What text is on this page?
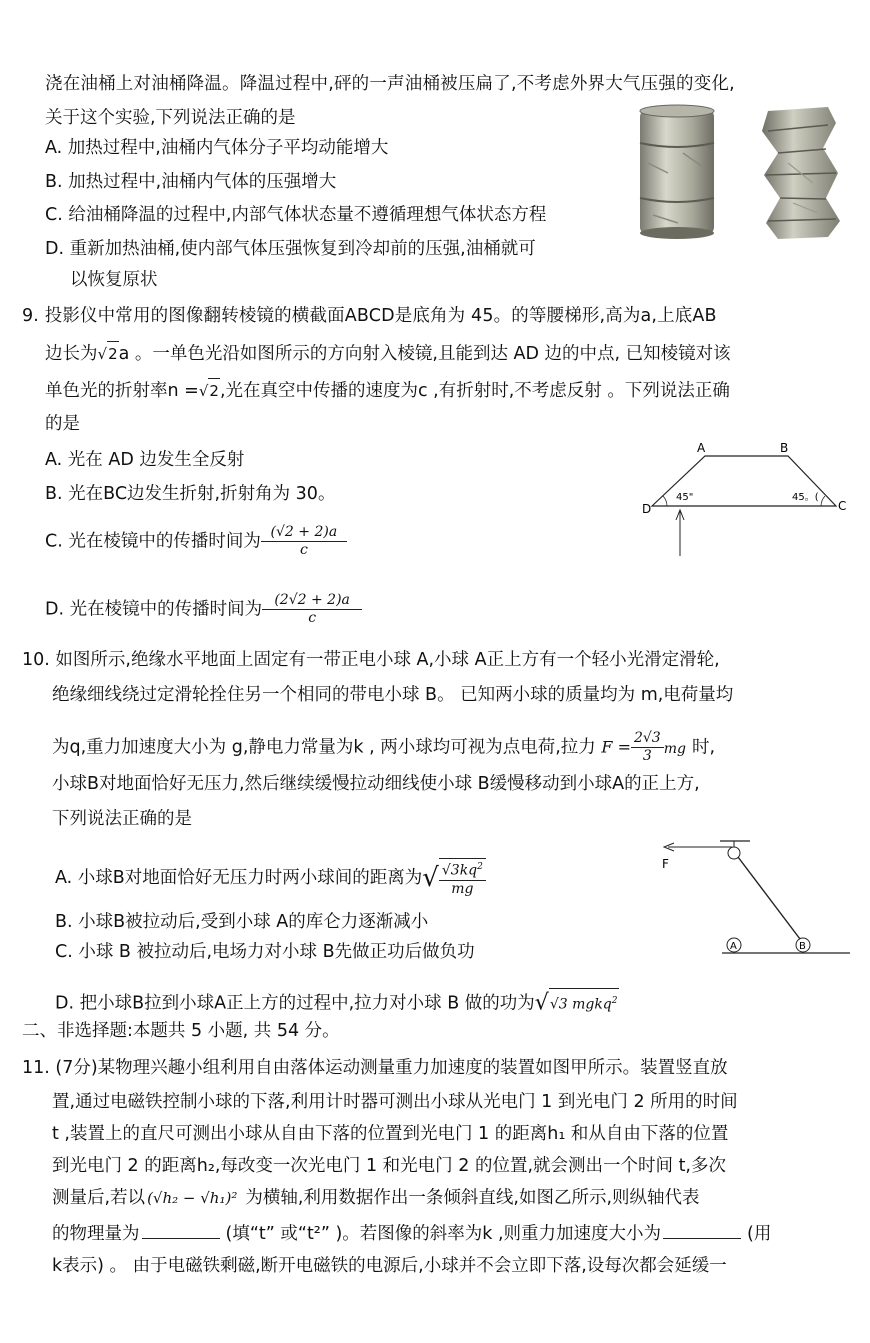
浇在油桶上对油桶降温。降温过程中,砰的一声油桶被压扁了,不考虑外界大气压强的变化,
关于这个实验,下列说法正确的是
A. 加热过程中,油桶内气体分子平均动能增大
B. 加热过程中,油桶内气体的压强增大
C. 给油桶降温的过程中,内部气体状态量不遵循理想气体状态方程
D. 重新加热油桶,使内部气体压强恢复到冷却前的压强,油桶就可
以恢复原状
9. 投影仪中常用的图像翻转棱镜的横截面ABCD是底角为 45。的等腰梯形,高为a,上底AB
边长为√2a 。一单色光沿如图所示的方向射入棱镜,且能到达 AD 边的中点, 已知棱镜对该
单色光的折射率n =√2,光在真空中传播的速度为c ,有折射时,不考虑反射 。下列说法正确
的是
A. 光在 AD 边发生全反射
B. 光在BC边发生折射,折射角为 30。
C. 光在棱镜中的传播时间为 $\frac{(√2 + 2)a}{c}$
D. 光在棱镜中的传播时间为 $\frac{(2√2 + 2)a}{c}$
A	B
C
D
45"	45。(
10. 如图所示,绝缘水平地面上固定有一带正电小球 A,小球 A正上方有一个轻小光滑定滑轮,
绝缘细线绕过定滑轮拴住另一个相同的带电小球 B。 已知两小球的质量均为 m,电荷量均
为q,重力加速度大小为 g,静电力常量为k , 两小球均可视为点电荷,拉力 $F = \frac{2√3}{3}$ mg 时,
小球B对地面恰好无压力,然后继续缓慢拉动细线使小球 B缓慢移动到小球A的正上方,
下列说法正确的是
A. 小球B对地面恰好无压力时两小球间的距离为√ $\frac{√3kq^2}{mg}$
B. 小球B被拉动后,受到小球 A的库仑力逐渐减小
C. 小球 B 被拉动后,电场力对小球 B先做正功后做负功
D. 把小球B拉到小球A正上方的过程中,拉力对小球 B 做的功为√√3 mgkq$^2$
F
A	B
二、非选择题:本题共 5 小题, 共 54 分。
11. (7分)某物理兴趣小组利用自由落体运动测量重力加速度的装置如图甲所示。装置竖直放
置,通过电磁铁控制小球的下落,利用计时器可测出小球从光电门 1 到光电门 2 所用的时间
t ,装置上的直尺可测出小球从自由下落的位置到光电门 1 的距离h₁ 和从自由下落的位置
到光电门 2 的距离h₂,每改变一次光电门 1 和光电门 2 的位置,就会测出一个时间 t,多次
测量后,若以 (√h₂ − √h₁)² 为横轴,利用数据作出一条倾斜直线,如图乙所示,则纵轴代表
的物理量为	(填“t” 或“t²” )。若图像的斜率为k ,则重力加速度大小为	(用
k表示) 。 由于电磁铁剩磁,断开电磁铁的电源后,小球并不会立即下落,设每次都会延缓一
